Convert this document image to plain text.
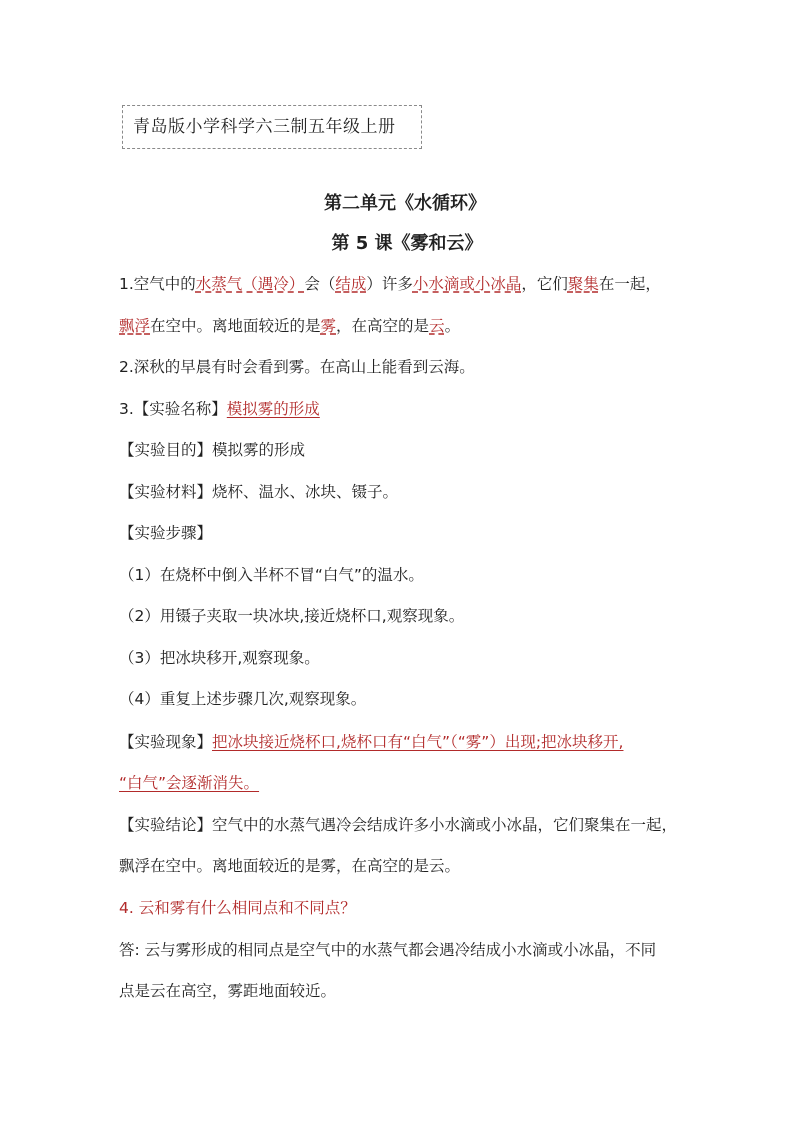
青岛版小学科学六三制五年级上册
第二单元《水循环》
第 5 课《雾和云》
1.空气中的水蒸气（遇冷）会（结成）许多小水滴或小冰晶，它们聚集在一起，
飘浮在空中。离地面较近的是雾，在高空的是云。
2.深秋的早晨有时会看到雾。在高山上能看到云海。
3.【实验名称】模拟雾的形成
【实验目的】模拟雾的形成
【实验材料】烧杯、温水、冰块、镊子。
【实验步骤】
（1）在烧杯中倒入半杯不冒“白气”的温水。
（2）用镊子夹取一块冰块,接近烧杯口,观察现象。
（3）把冰块移开,观察现象。
（4）重复上述步骤几次,观察现象。
【实验现象】把冰块接近烧杯口,烧杯口有“白气”（“雾”）出现;把冰块移开,
“白气”会逐渐消失。
【实验结论】空气中的水蒸气遇冷会结成许多小水滴或小冰晶，它们聚集在一起，
飘浮在空中。离地面较近的是雾，在高空的是云。
4. 云和雾有什么相同点和不同点？
答: 云与雾形成的相同点是空气中的水蒸气都会遇冷结成小水滴或小冰晶，不同
点是云在高空，雾距地面较近。
